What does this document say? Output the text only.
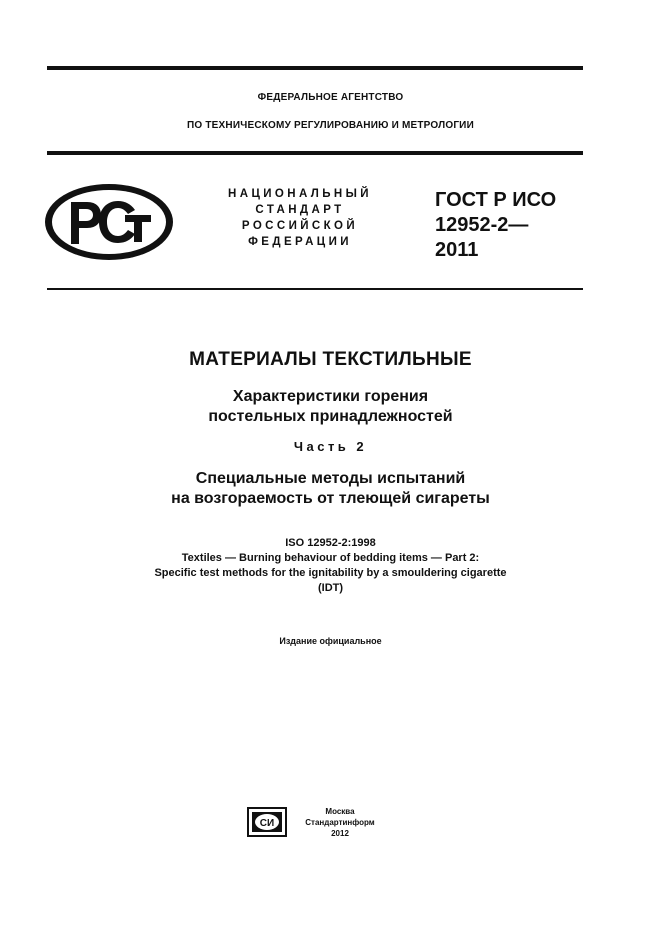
ФЕДЕРАЛЬНОЕ АГЕНТСТВО
ПО ТЕХНИЧЕСКОМУ РЕГУЛИРОВАНИЮ И МЕТРОЛОГИИ
НАЦИОНАЛЬНЫЙ
СТАНДАРТ
РОССИЙСКОЙ
ФЕДЕРАЦИИ
ГОСТ Р ИСО
12952-2—
2011
МАТЕРИАЛЫ ТЕКСТИЛЬНЫЕ
Характеристики горения
постельных принадлежностей
Часть 2
Специальные методы испытаний
на возгораемость от тлеющей сигареты
ISO 12952-2:1998
Textiles — Burning behaviour of bedding items — Part 2:
Specific test methods for the ignitability by a smouldering cigarette
(IDT)
Издание официальное
СИ
Москва
Стандартинформ
2012
